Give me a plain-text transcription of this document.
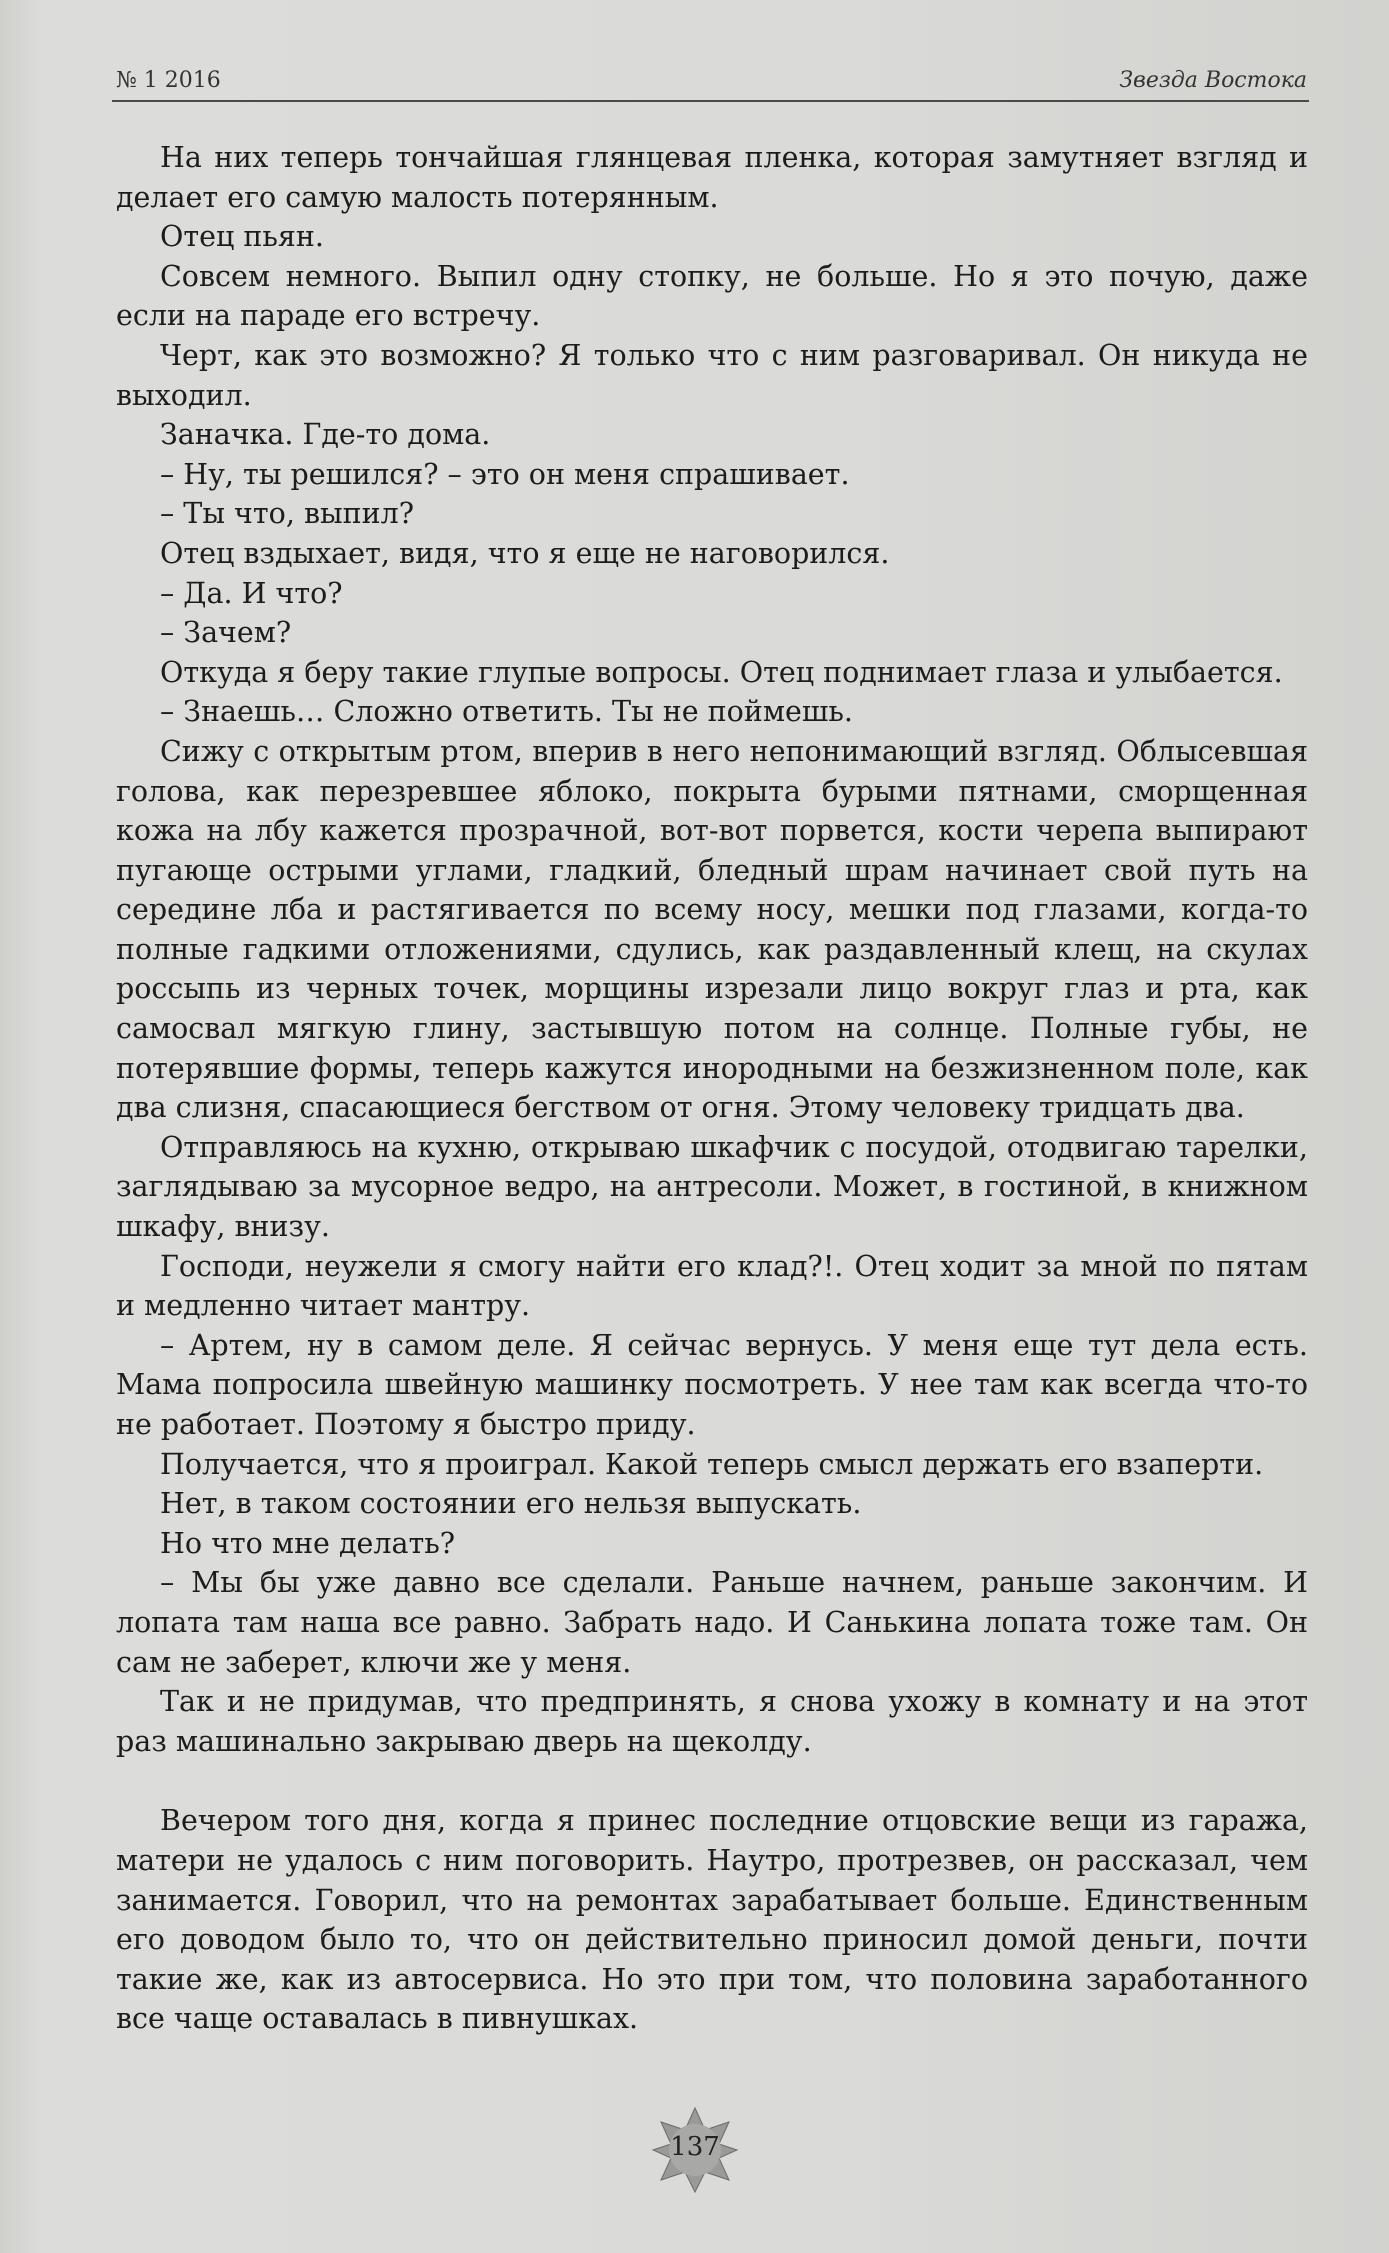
№ 1 2016	Звезда Востока

На них теперь тончайшая глянцевая пленка, которая замутняет взгляд и делает его самую малость потерянным.

Отец пьян.

Совсем немного. Выпил одну стопку, не больше. Но я это почую, даже если на параде его встречу.

Черт, как это возможно? Я только что с ним разговаривал. Он никуда не выходил.

Заначка. Где-то дома.

– Ну, ты решился? – это он меня спрашивает.

– Ты что, выпил?

Отец вздыхает, видя, что я еще не наговорился.

– Да. И что?

– Зачем?

Откуда я беру такие глупые вопросы. Отец поднимает глаза и улыбается.

– Знаешь… Сложно ответить. Ты не поймешь.

Сижу с открытым ртом, вперив в него непонимающий взгляд. Облысевшая голова, как перезревшее яблоко, покрыта бурыми пятнами, сморщенная кожа на лбу кажется прозрачной, вот-вот порвется, кости черепа выпирают пугающе острыми углами, гладкий, бледный шрам начинает свой путь на середине лба и растягивается по всему носу, мешки под глазами, когда-то полные гадкими отложениями, сдулись, как раздавленный клещ, на скулах россыпь из черных точек, морщины изрезали лицо вокруг глаз и рта, как самосвал мягкую глину, застывшую потом на солнце. Полные губы, не потерявшие формы, теперь кажутся инородными на безжизненном поле, как два слизня, спасающиеся бегством от огня. Этому человеку тридцать два.

Отправляюсь на кухню, открываю шкафчик с посудой, отодвигаю тарелки, заглядываю за мусорное ведро, на антресоли. Может, в гостиной, в книжном шкафу, внизу.

Господи, неужели я смогу найти его клад?!. Отец ходит за мной по пятам и медленно читает мантру.

– Артем, ну в самом деле. Я сейчас вернусь. У меня еще тут дела есть. Мама попросила швейную машинку посмотреть. У нее там как всегда что-то не работает. Поэтому я быстро приду.

Получается, что я проиграл. Какой теперь смысл держать его взаперти.

Нет, в таком состоянии его нельзя выпускать.

Но что мне делать?

– Мы бы уже давно все сделали. Раньше начнем, раньше закончим. И лопата там наша все равно. Забрать надо. И Санькина лопата тоже там. Он сам не заберет, ключи же у меня.

Так и не придумав, что предпринять, я снова ухожу в комнату и на этот раз машинально закрываю дверь на щеколду.

Вечером того дня, когда я принес последние отцовские вещи из гаража, матери не удалось с ним поговорить. Наутро, протрезвев, он рассказал, чем занимается. Говорил, что на ремонтах зарабатывает больше. Единственным его доводом было то, что он действительно приносил домой деньги, почти такие же, как из автосервиса. Но это при том, что половина заработанного все чаще оставалась в пивнушках.

137
